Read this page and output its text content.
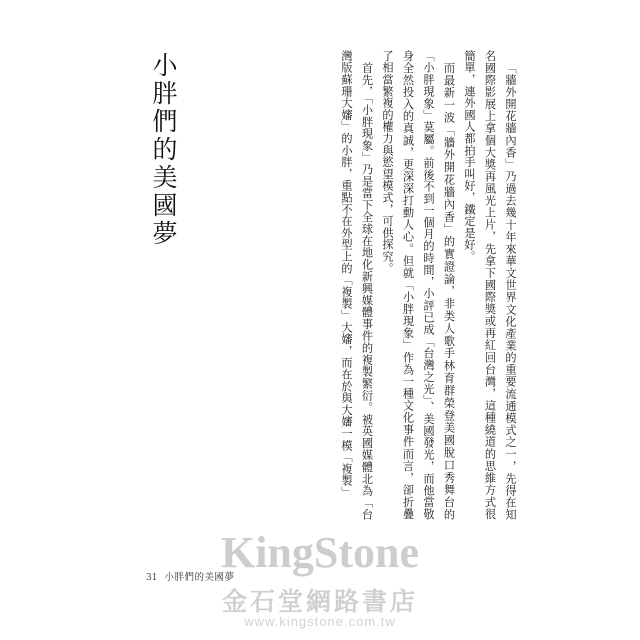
小胖們的美國夢	「牆外開花牆內香」乃過去幾十年來華文世界文化產業的重要流通模式之一，先得在知名國際影展上拿個大獎再風光上片，先拿下國際獎或再紅回台灣，這種繞道的思維方式很簡單，連外國人都拍手叫好，鐵定是好。

而最新一波「牆外開花牆內香」的實證論，非类人歌手林育群榮登美國脫口秀舞台的「小胖現象」莫屬。前後不到一個月的時間，小評已成「台灣之光」、美國發光，而他當敬身全然投入的真誠，更深深打動人心。但就「小胖現象」作為一種文化事件而言，卻折疊了相當繁複的權力與慾望模式，可供探究。

首先，「小胖現象」乃是當下全球在地化新興媒體事件的複製繁衍。被英國媒體北為「台灣版蘇珊大嬸」的小胖，重點不在外型上的「複製」大嬸，而在於與大嬸一模「複製」

31 小胖們的美國夢
KingStone
金石堂網路書店
www.kingstone.com.tw
